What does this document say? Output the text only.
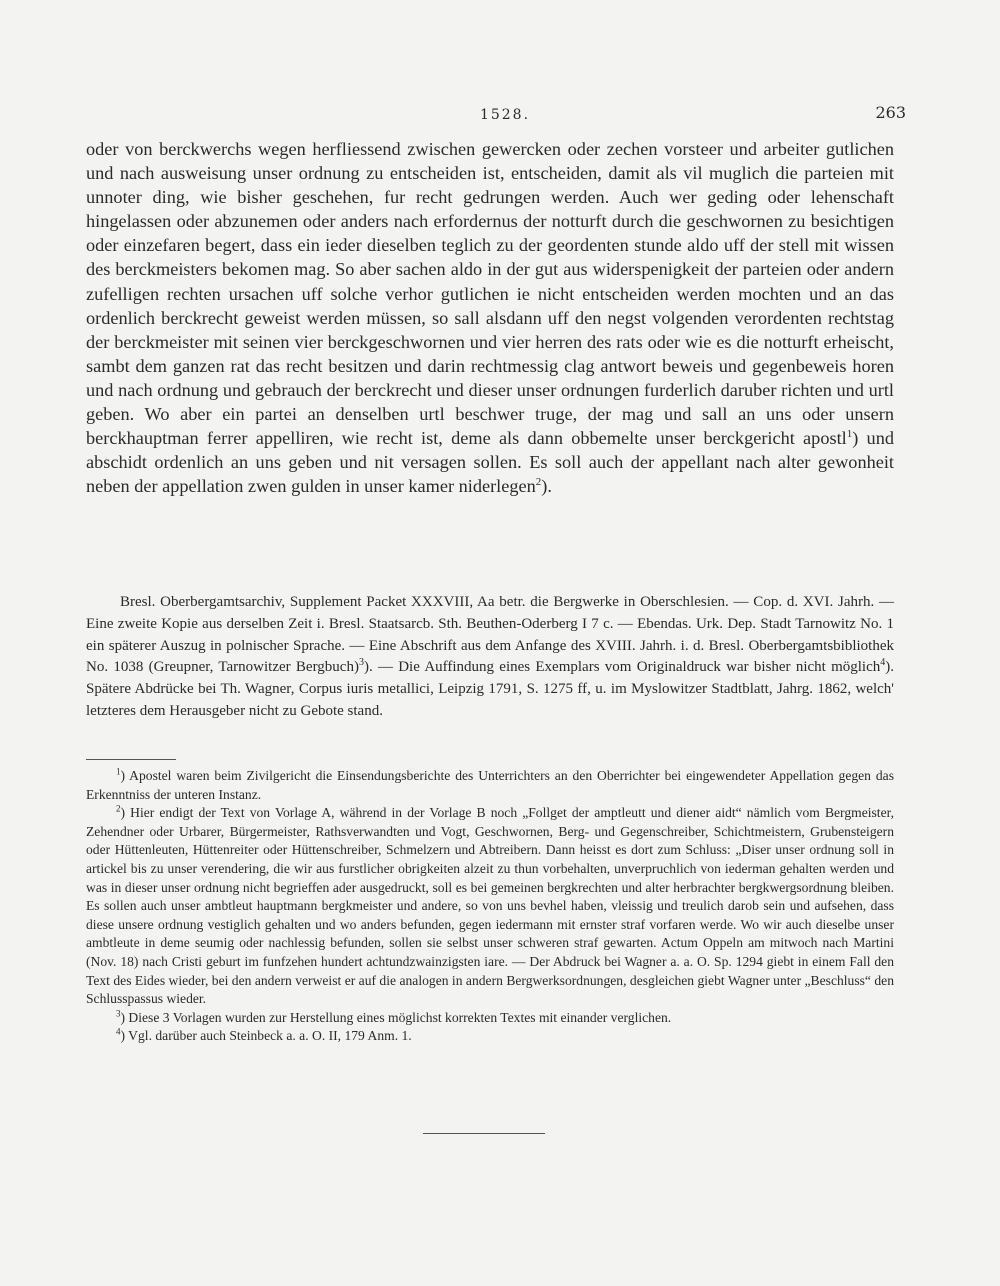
1528.	263

oder von berckwerchs wegen herfliessend zwischen gewercken oder zechen vorsteer und arbeiter gutlichen und nach ausweisung unser ordnung zu entscheiden ist, entscheiden, damit als vil muglich die parteien mit unnoter ding, wie bisher geschehen, fur recht gedrungen werden. Auch wer geding oder lehenschaft hingelassen oder abzunemen oder anders nach erfordernus der notturft durch die geschwornen zu besichtigen oder einzefaren begert, dass ein ieder dieselben teglich zu der geordenten stunde aldo uff der stell mit wissen des berckmeisters bekomen mag. So aber sachen aldo in der gut aus widerspenigkeit der parteien oder andern zufelligen rechten ursachen uff solche verhor gutlichen ie nicht entscheiden werden mochten und an das ordenlich berckrecht geweist werden müssen, so sall alsdann uff den negst volgenden verordenten rechtstag der berckmeister mit seinen vier berckgeschwornen und vier herren des rats oder wie es die notturft erheischt, sambt dem ganzen rat das recht besitzen und darin rechtmessig clag antwort beweis und gegenbeweis horen und nach ordnung und gebrauch der berckrecht und dieser unser ordnungen furderlich daruber richten und urtl geben. Wo aber ein partei an denselben urtl beschwer truge, der mag und sall an uns oder unsern berckhauptman ferrer appelliren, wie recht ist, deme als dann obbemelte unser berckgericht apostl$^1$) und abschidt ordenlich an uns geben und nit versagen sollen. Es soll auch der appellant nach alter gewonheit neben der appellation zwen gulden in unser kamer niderlegen$^2$).

Bresl. Oberbergamtsarchiv, Supplement Packet XXXVIII, Aa betr. die Bergwerke in Oberschlesien. — Cop. d. XVI. Jahrh. — Eine zweite Kopie aus derselben Zeit i. Bresl. Staatsarcb. Sth. Beuthen-Oderberg I 7 c. — Ebendas. Urk. Dep. Stadt Tarnowitz No. 1 ein späterer Auszug in polnischer Sprache. — Eine Abschrift aus dem Anfange des XVIII. Jahrh. i. d. Bresl. Oberbergamtsbibliothek No. 1038 (Greupner, Tarnowitzer Bergbuch)$^3$). — Die Auffindung eines Exemplars vom Originaldruck war bisher nicht möglich$^4$). Spätere Abdrücke bei Th. Wagner, Corpus iuris metallici, Leipzig 1791, S. 1275 ff, u. im Myslowitzer Stadtblatt, Jahrg. 1862, welch' letzteres dem Herausgeber nicht zu Gebote stand.

$^1$) Apostel waren beim Zivilgericht die Einsendungsberichte des Unterrichters an den Oberrichter bei eingewendeter Appellation gegen das Erkenntniss der unteren Instanz.

$^2$) Hier endigt der Text von Vorlage A, während in der Vorlage B noch „Follget der amptleutt und diener aidt“ nämlich vom Bergmeister, Zehendner oder Urbarer, Bürgermeister, Rathsverwandten und Vogt, Geschwornen, Berg- und Gegenschreiber, Schichtmeistern, Grubensteigern oder Hüttenleuten, Hüttenreiter oder Hüttenschreiber, Schmelzern und Abtreibern. Dann heisst es dort zum Schluss: „Diser unser ordnung soll in artickel bis zu unser verendering, die wir aus furstlicher obrigkeiten alzeit zu thun vorbehalten, unverpruchlich von iederman gehalten werden und was in dieser unser ordnung nicht begrieffen ader ausgedruckt, soll es bei gemeinen bergkrechten und alter herbrachter bergkwergsordnung bleiben. Es sollen auch unser ambtleut hauptmann bergkmeister und andere, so von uns bevhel haben, vleissig und treulich darob sein und aufsehen, dass diese unsere ordnung vestiglich gehalten und wo anders befunden, gegen iedermann mit ernster straf vorfaren werde. Wo wir auch dieselbe unser ambtleute in deme seumig oder nachlessig befunden, sollen sie selbst unser schweren straf gewarten. Actum Oppeln am mitwoch nach Martini (Nov. 18) nach Cristi geburt im funfzehen hundert achtundzwainzigsten iare. — Der Abdruck bei Wagner a. a. O. Sp. 1294 giebt in einem Fall den Text des Eides wieder, bei den andern verweist er auf die analogen in andern Bergwerksordnungen, desgleichen giebt Wagner unter „Beschluss“ den Schlusspassus wieder.

$^3$) Diese 3 Vorlagen wurden zur Herstellung eines möglichst korrekten Textes mit einander verglichen.

$^4$) Vgl. darüber auch Steinbeck a. a. O. II, 179 Anm. 1.
